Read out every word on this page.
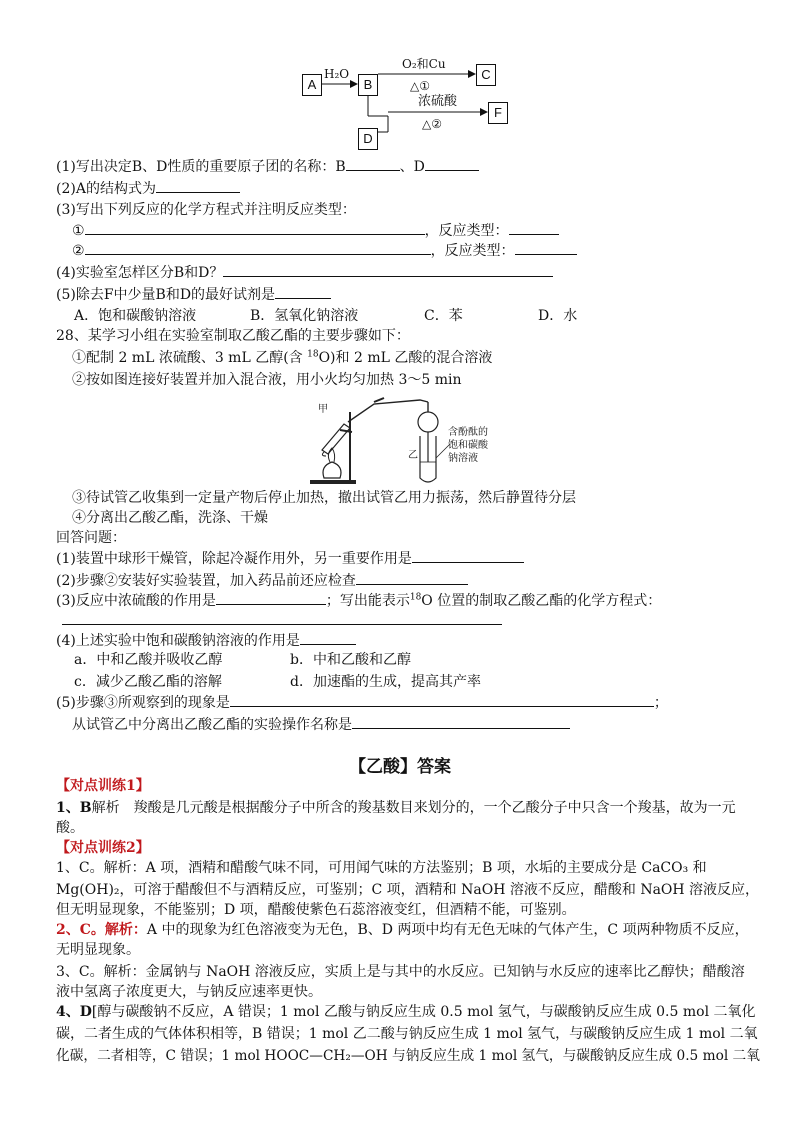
A	B
C
D
F
H₂O
O₂和Cu
△①
浓硫酸
△②
(1)写出决定B、D性质的重要原子团的名称：B	、D
(2)A的结构式为
(3)写出下列反应的化学方程式并注明反应类型：
①	，反应类型：
②	，反应类型：
(4)实验室怎样区分B和D？
(5)除去F中少量B和D的最好试剂是
A．饱和碳酸钠溶液	B．氢氧化钠溶液	C．苯	D．水
28、某学习小组在实验室制取乙酸乙酯的主要步骤如下：
①配制 2 mL 浓硫酸、3 mL 乙醇(含 $^{18}$O)和 2 mL 乙酸的混合溶液
②按如图连接好装置并加入混合液，用小火均匀加热 3～5 min
甲
乙
含酚酞的
饱和碳酸
钠溶液
③待试管乙收集到一定量产物后停止加热，撤出试管乙用力振荡，然后静置待分层
④分离出乙酸乙酯，洗涤、干燥
回答问题：
(1)装置中球形干燥管，除起冷凝作用外，另一重要作用是
(2)步骤②安装好实验装置，加入药品前还应检查
(3)反应中浓硫酸的作用是	；写出能表示$^{18}$O 位置的制取乙酸乙酯的化学方程式：
(4)上述实验中饱和碳酸钠溶液的作用是
a．中和乙酸并吸收乙醇	b．中和乙酸和乙醇
c．减少乙酸乙酯的溶解	d．加速酯的生成，提高其产率
(5)步骤③所观察到的现象是	；
从试管乙中分离出乙酸乙酯的实验操作名称是
【乙酸】答案
【对点训练1】
1、B解析　羧酸是几元酸是根据酸分子中所含的羧基数目来划分的，一个乙酸分子中只含一个羧基，故为一元
酸。
【对点训练2】
1、C。解析：A 项，酒精和醋酸气味不同，可用闻气味的方法鉴别；B 项，水垢的主要成分是 CaCO₃ 和
Mg(OH)₂，可溶于醋酸但不与酒精反应，可鉴别；C 项，酒精和 NaOH 溶液不反应，醋酸和 NaOH 溶液反应，
但无明显现象，不能鉴别；D 项，醋酸使紫色石蕊溶液变红，但酒精不能，可鉴别。
2、C。解析：A 中的现象为红色溶液变为无色，B、D 两项中均有无色无味的气体产生，C 项两种物质不反应，
无明显现象。
3、C。解析：金属钠与 NaOH 溶液反应，实质上是与其中的水反应。已知钠与水反应的速率比乙醇快；醋酸溶
液中氢离子浓度更大，与钠反应速率更快。
4、D[醇与碳酸钠不反应，A 错误；1 mol 乙酸与钠反应生成 0.5 mol 氢气，与碳酸钠反应生成 0.5 mol 二氧化
碳，二者生成的气体体积相等，B 错误；1 mol 乙二酸与钠反应生成 1 mol 氢气，与碳酸钠反应生成 1 mol 二氧
化碳，二者相等，C 错误；1 mol HOOC—CH₂—OH 与钠反应生成 1 mol 氢气，与碳酸钠反应生成 0.5 mol 二氧
